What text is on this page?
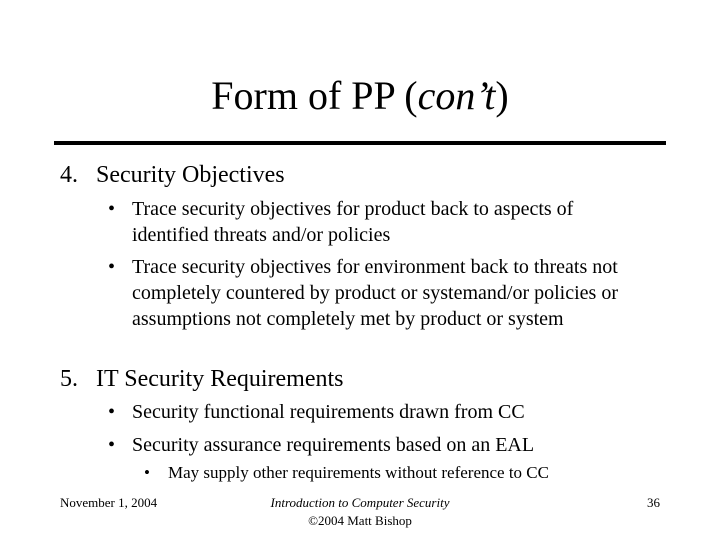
Form of PP (con’t)
4. Security Objectives
• Trace security objectives for product back to aspects of identified threats and/or policies
• Trace security objectives for environment back to threats not completely countered by product or systemand/or policies or assumptions not completely met by product or system
5. IT Security Requirements
• Security functional requirements drawn from CC
• Security assurance requirements based on an EAL
• May supply other requirements without reference to CC
November 1, 2004	Introduction to Computer Security
©2004 Matt Bishop
36
